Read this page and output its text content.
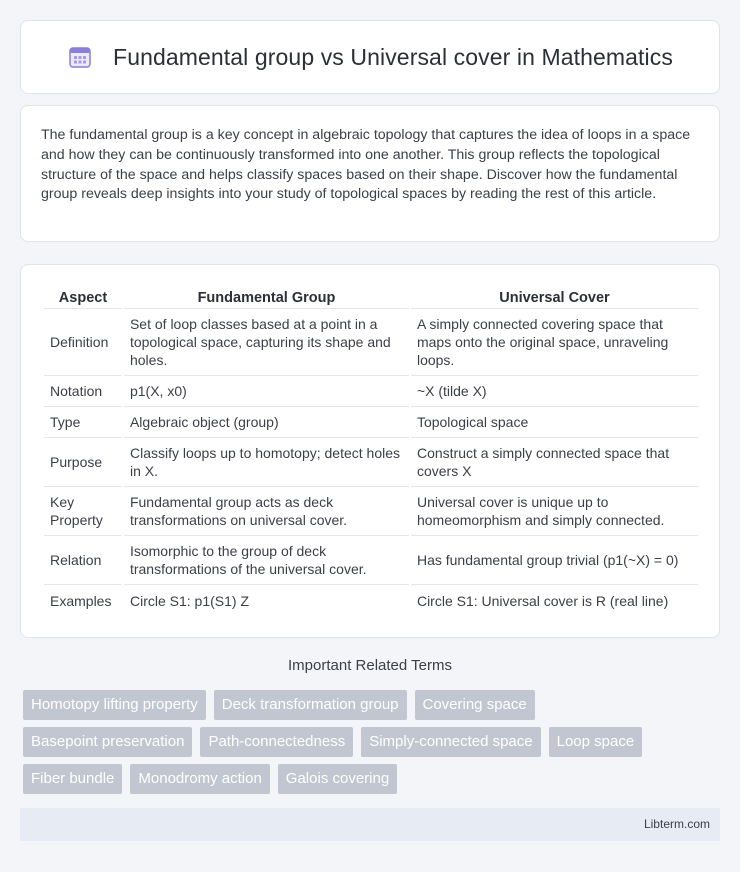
Fundamental group vs Universal cover in Mathematics

The fundamental group is a key concept in algebraic topology that captures the idea of loops in a space and how they can be continuously transformed into one another. This group reflects the topological structure of the space and helps classify spaces based on their shape. Discover how the fundamental group reveals deep insights into your study of topological spaces by reading the rest of this article.

Aspect	Fundamental Group	Universal Cover
Definition	Set of loop classes based at a point in a topological space, capturing its shape and holes.	A simply connected covering space that maps onto the original space, unraveling loops.
Notation	p1(X, x0)	~X (tilde X)
Type	Algebraic object (group)	Topological space
Purpose	Classify loops up to homotopy; detect holes in X.	Construct a simply connected space that covers X
Key Property	Fundamental group acts as deck transformations on universal cover.	Universal cover is unique up to homeomorphism and simply connected.
Relation	Isomorphic to the group of deck transformations of the universal cover.	Has fundamental group trivial (p1(~X) = 0)
Examples	Circle S1: p1(S1) Z	Circle S1: Universal cover is R (real line)
Important Related Terms
Homotopy lifting property	Deck transformation group	Covering space
Basepoint preservation	Path-connectedness	Simply-connected space	Loop space
Fiber bundle	Monodromy action	Galois covering
Libterm.com
